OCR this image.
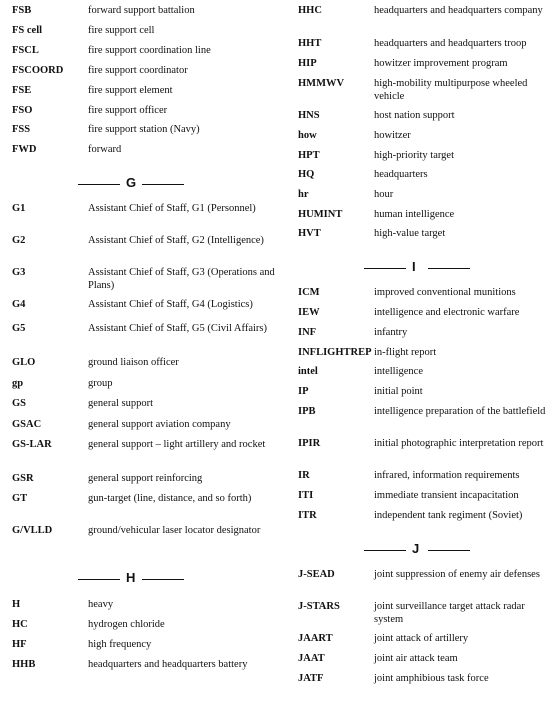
FSB	forward support battalion
FS cell	fire support cell
FSCL	fire support coordination line
FSCOORD fire support coordinator
FSE	fire support element
FSO	fire support officer
FSS	fire support station (Navy)
FWD	forward
G
G1	Assistant Chief of Staff, G1 (Personnel)
G2	Assistant Chief of Staff, G2 (Intelligence)
G3	Assistant Chief of Staff, G3 (Operations and Plans)
G4	Assistant Chief of Staff, G4 (Logistics)
G5	Assistant Chief of Staff, G5 (Civil Affairs)
GLO	ground liaison officer
gp	group
GS	general support
GSAC	general support aviation company
GS-LAR	general support – light artillery and rocket
GSR	general support reinforcing
GT	gun-target (line, distance, and so forth)
G/VLLD	ground/vehicular laser locator designator
H
H	heavy
HC	hydrogen chloride
HF	high frequency
HHB	headquarters and headquarters battery
HHC	headquarters and headquarters company
HHT	headquarters and headquarters troop
HIP	howitzer improvement program
HMMWV	high-mobility multipurpose wheeled vehicle
HNS	host nation support
how	howitzer
HPT	high-priority target
HQ	headquarters
hr	hour
HUMINT	human intelligence
HVT	high-value target
I
ICM	improved conventional munitions
IEW	intelligence and electronic warfare
INF	infantry
INFLIGHTREP in-flight report
intel	intelligence
IP	initial point
IPB	intelligence preparation of the battlefield
IPIR	initial photographic interpretation report
IR	infrared, information requirements
ITI	immediate transient incapacitation
ITR	independent tank regiment (Soviet)
J
J-SEAD	joint suppression of enemy air defenses
J-STARS	joint surveillance target attack radar system
JAART	joint attack of artillery
JAAT	joint air attack team
JATF	joint amphibious task force
